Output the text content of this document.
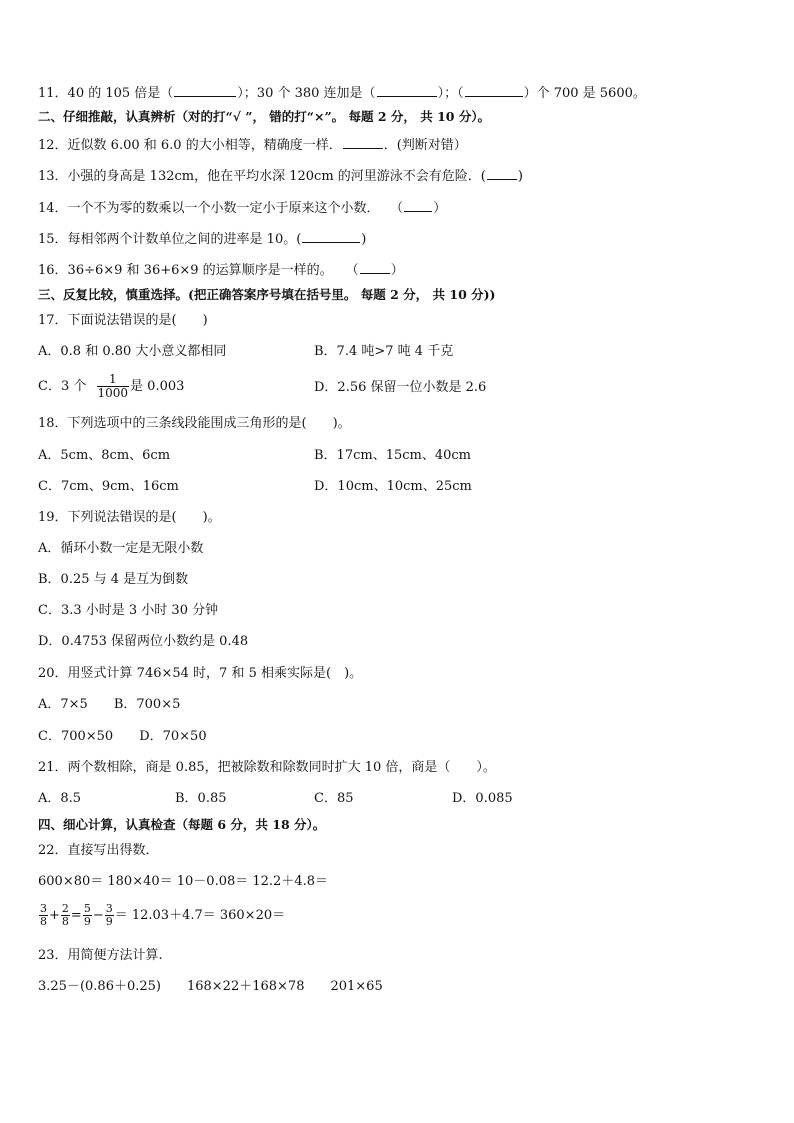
11．40 的 105 倍是（	）；30 个 380 连加是（	）；（	）个 700 是 5600。
二、仔细推敲，认真辨析（对的打“√ ”， 错的打“×”。 每题 2 分， 共 10 分）。
12．近似数 6.00 和 6.0 的大小相等，精确度一样．	．(判断对错）
13．小强的身高是 132cm，他在平均水深 120cm 的河里游泳不会有危险．( )
14．一个不为零的数乘以一个小数一定小于原来这个小数．　 （ ）
15．每相邻两个计数单位之间的进率是 10。(	)
16．36÷6×9 和 36+6×9 的运算顺序是一样的。　　（ ）
三、反复比较，慎重选择。(把正确答案序号填在括号里。 每题 2 分， 共 10 分))
17．下面说法错误的是(　　)
A．0.8 和 0.80 大小意义都相同	B．7.4 吨>7 吨 4 千克
C．3 个 $\frac{1}{1000}$ 是 0.003	D．2.56 保留一位小数是 2.6
18．下列选项中的三条线段能围成三角形的是(　　)。
A．5cm、8cm、6cm	B．17cm、15cm、40cm
C．7cm、9cm、16cm	D．10cm、10cm、25cm
19．下列说法错误的是(　　)。
A．循环小数一定是无限小数
B．0.25 与 4 是互为倒数
C．3.3 小时是 3 小时 30 分钟
D．0.4753 保留两位小数约是 0.48
20．用竖式计算 746×54 时，7 和 5 相乘实际是(　)。
A．7×5　　B．700×5
C．700×50　　D．70×50
21．两个数相除，商是 0.85，把被除数和除数同时扩大 10 倍，商是（　　）。
A．8.5	B．0.85	C．85	D．0.085
四、细心计算，认真检查（每题 6 分，共 18 分）。
22．直接写出得数．
600×80＝ 180×40＝ 10－0.08＝ 12.2＋4.8＝
$\frac{3}{8} + \frac{2}{8} = \frac{5}{9} - \frac{3}{9} = 12.03+4.7= 360\times 20=$
23．用简便方法计算.
3.25－(0.86＋0.25)　　168×22＋168×78　　201×65
